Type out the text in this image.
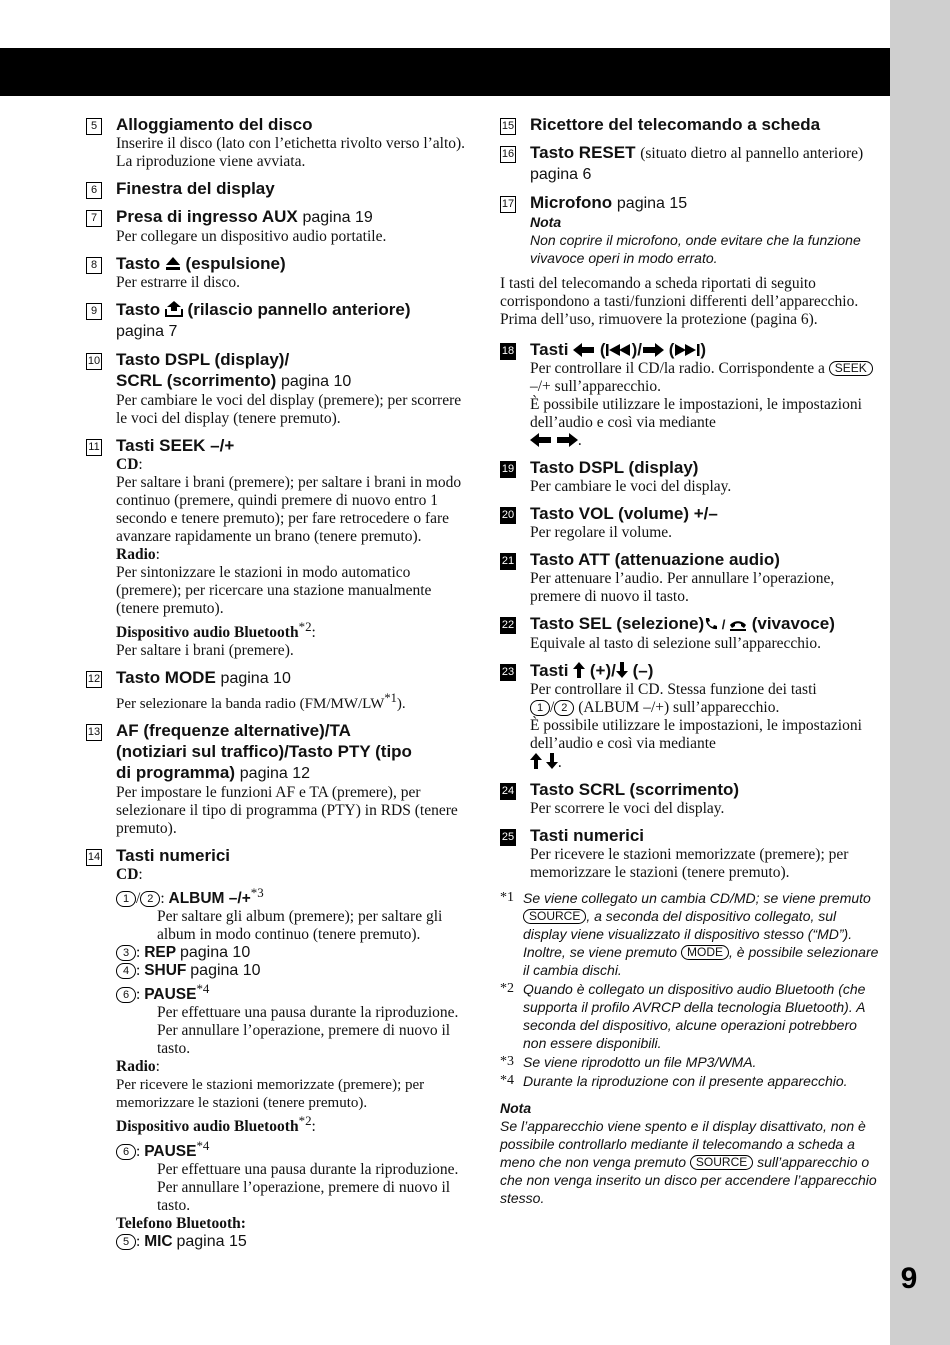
9
5 Alloggiamento del disco
Inserire il disco (lato con l’etichetta rivolto verso l’alto). La riproduzione viene avviata.
6 Finestra del display
7 Presa di ingresso AUX pagina 19
Per collegare un dispositivo audio portatile.
8 Tasto (espulsione)
Per estrarre il disco.
9 Tasto (rilascio pannello anteriore)
pagina 7
10 Tasto DSPL (display)/
SCRL (scorrimento) pagina 10
Per cambiare le voci del display (premere); per scorrere le voci del display (tenere premuto).
11 Tasti SEEK –/+
CD:
Per saltare i brani (premere); per saltare i brani in modo continuo (premere, quindi premere di nuovo entro 1 secondo e tenere premuto); per fare retrocedere o fare avanzare rapidamente un brano (tenere premuto).
Radio:
Per sintonizzare le stazioni in modo automatico (premere); per ricercare una stazione manualmente (tenere premuto).
Dispositivo audio Bluetooth$^{*2}$:
Per saltare i brani (premere).
12 Tasto MODE pagina 10
Per selezionare la banda radio (FM/MW/LW$^{*1}$).
13 AF (frequenze alternative)/TA
(notiziari sul traffico)/Tasto PTY (tipo
di programma) pagina 12
Per impostare le funzioni AF e TA (premere), per selezionare il tipo di programma (PTY) in RDS (tenere premuto).
14 Tasti numerici
CD:
1 / 2 : ALBUM –/+$^{*3}$
Per saltare gli album (premere); per saltare gli album in modo continuo (tenere premuto).
3 : REP pagina 10
4 : SHUF pagina 10
6 : PAUSE$^{*4}$
Per effettuare una pausa durante la riproduzione. Per annullare l’operazione, premere di nuovo il tasto.
Radio:
Per ricevere le stazioni memorizzate (premere); per memorizzare le stazioni (tenere premuto).
Dispositivo audio Bluetooth$^{*2}$:
6 : PAUSE$^{*4}$
Per effettuare una pausa durante la riproduzione. Per annullare l’operazione, premere di nuovo il tasto.
Telefono Bluetooth:
5 : MIC pagina 15
15 Ricettore del telecomando a scheda
16 Tasto RESET (situato dietro al pannello anteriore) pagina 6
17 Microfono pagina 15
Nota
Non coprire il microfono, onde evitare che la funzione vivavoce operi in modo errato.
I tasti del telecomando a scheda riportati di seguito corrispondono a tasti/funzioni differenti dell’apparecchio. Prima dell’uso, rimuovere la protezione (pagina 6).
18 Tasti ( )/ ( )
Per controllare il CD/la radio. Corrispondente a SEEK –/+ sull’apparecchio.
È possibile utilizzare le impostazioni, le impostazioni dell’audio e così via mediante
.
19 Tasto DSPL (display)
Per cambiare le voci del display.
20 Tasto VOL (volume) +/–
Per regolare il volume.
21 Tasto ATT (attenuazione audio)
Per attenuare l’audio. Per annullare l’operazione, premere di nuovo il tasto.
22 Tasto SEL (selezione) /  (vivavoce)
Equivale al tasto di selezione sull’apparecchio.
23 Tasti (+)/ (–)
Per controllare il CD. Stessa funzione dei tasti
1 / 2 (ALBUM –/+) sull’apparecchio.
È possibile utilizzare le impostazioni, le impostazioni dell’audio e così via mediante
.
24 Tasto SCRL (scorrimento)
Per scorrere le voci del display.
25 Tasti numerici
Per ricevere le stazioni memorizzate (premere); per memorizzare le stazioni (tenere premuto).
*1 Se viene collegato un cambia CD/MD; se viene premuto SOURCE , a seconda del dispositivo collegato, sul display viene visualizzato il dispositivo stesso (“MD”). Inoltre, se viene premuto MODE , è possibile selezionare il cambia dischi.
*2 Quando è collegato un dispositivo audio Bluetooth (che supporta il profilo AVRCP della tecnologia Bluetooth). A seconda del dispositivo, alcune operazioni potrebbero non essere disponibili.
*3 Se viene riprodotto un file MP3/WMA.
*4 Durante la riproduzione con il presente apparecchio.
Nota
Se l’apparecchio viene spento e il display disattivato, non è possibile controllarlo mediante il telecomando a scheda a meno che non venga premuto SOURCE sull’apparecchio o che non venga inserito un disco per accendere l’apparecchio stesso.
